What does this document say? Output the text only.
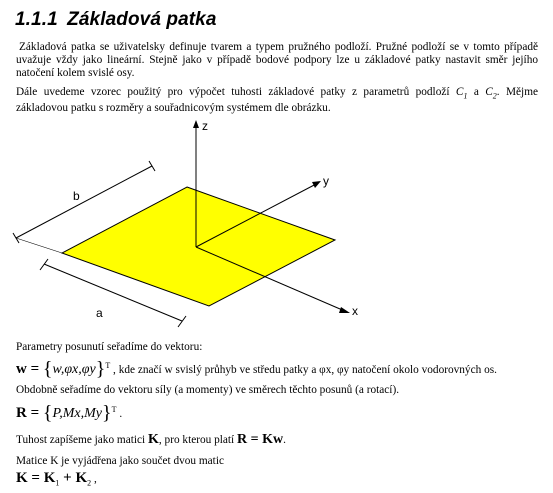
1.1.1 Základová patka
Základová patka se uživatelsky definuje tvarem a typem pružného podloží. Pružné podloží se v tomto případě uvažuje vždy jako lineární. Stejně jako v případě bodové podpory lze u základové patky nastavit směr jejího natočení kolem svislé osy.
Dále uvedeme vzorec použitý pro výpočet tuhosti základové patky z parametrů podloží $C_1$ a $C_2$. Mějme základovou patku s rozměry a souřadnicovým systémem dle obrázku.
z
y
x
b
a
Parametry posunutí seřadíme do vektoru:
$w = \{w,\varphi x,\varphi y\}^T$ , kde značí w svislý průhyb ve středu patky a φx, φy natočení okolo vodorovných os.
Obdobně seřadíme do vektoru síly (a momenty) ve směrech těchto posunů (a rotací).
$R = \{P,Mx,My\}^T$ .
Tuhost zapíšeme jako matici K, pro kterou platí R = Kw.
Matice K je vyjádřena jako součet dvou matic
$K = K_1 + K_2$ ,
